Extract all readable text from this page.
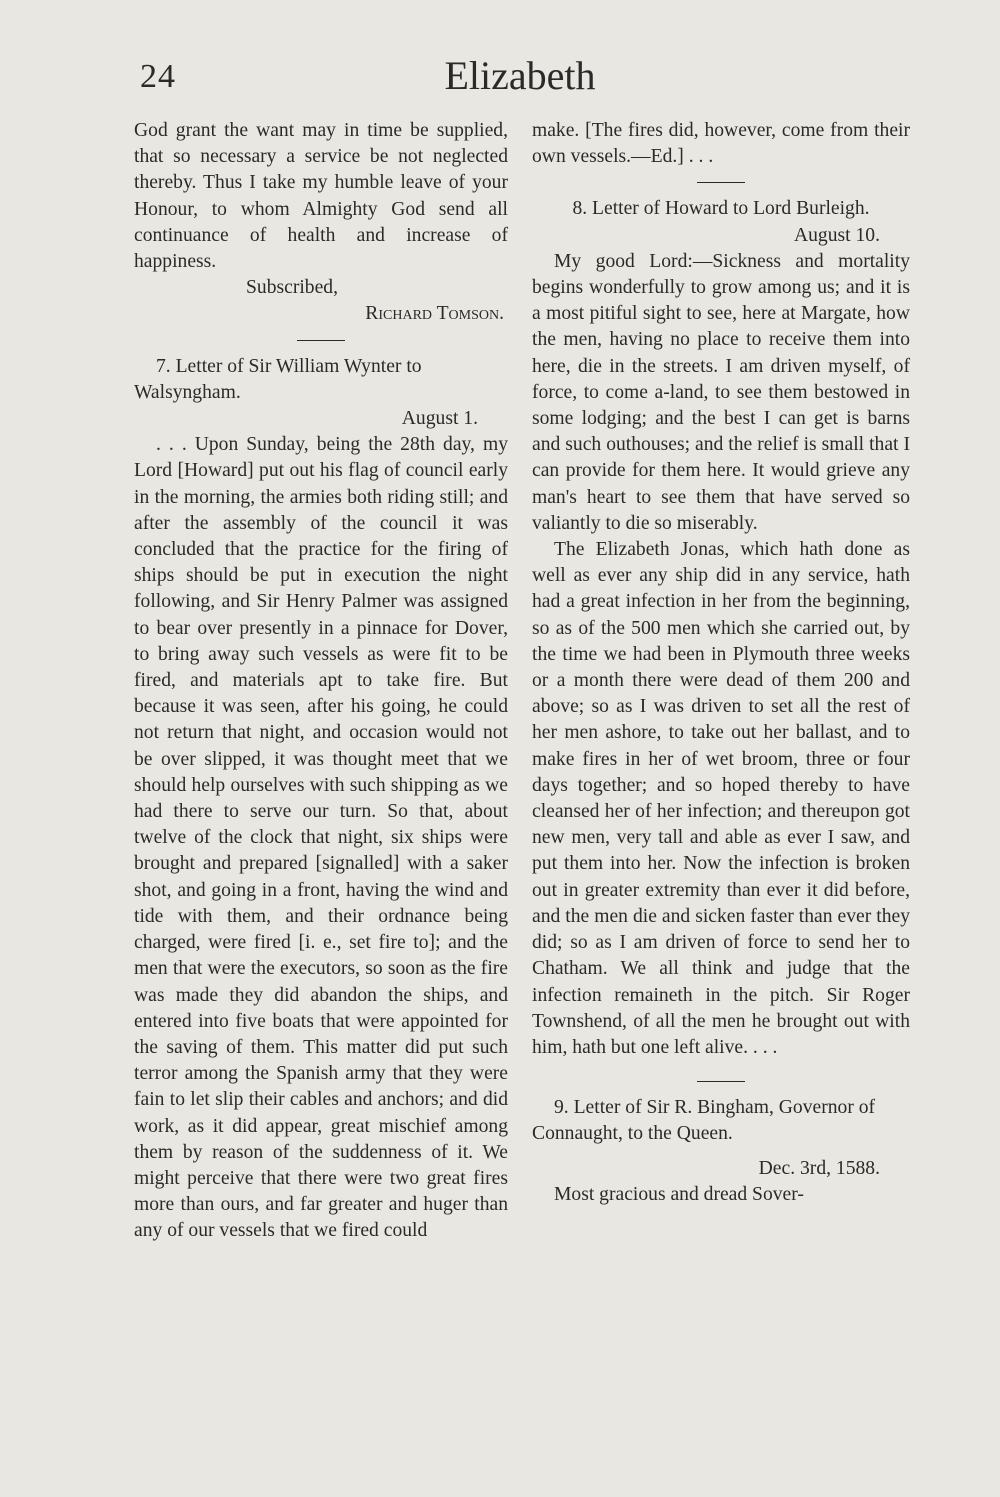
24	Elizabeth

God grant the want may in time be supplied, that so necessary a service be not neglected thereby. Thus I take my humble leave of your Honour, to whom Almighty God send all continuance of health and increase of happiness.

Subscribed,

Richard Tomson.

7. Letter of Sir William Wynter to Walsyngham.

August 1.

. . . Upon Sunday, being the 28th day, my Lord [Howard] put out his flag of council early in the morning, the armies both riding still; and after the assembly of the council it was concluded that the practice for the firing of ships should be put in execution the night following, and Sir Henry Palmer was assigned to bear over presently in a pinnace for Dover, to bring away such vessels as were fit to be fired, and materials apt to take fire. But because it was seen, after his going, he could not return that night, and occasion would not be over slipped, it was thought meet that we should help ourselves with such shipping as we had there to serve our turn. So that, about twelve of the clock that night, six ships were brought and prepared [signalled] with a saker shot, and going in a front, having the wind and tide with them, and their ordnance being charged, were fired [i. e., set fire to]; and the men that were the executors, so soon as the fire was made they did abandon the ships, and entered into five boats that were appointed for the saving of them. This matter did put such terror among the Spanish army that they were fain to let slip their cables and anchors; and did work, as it did appear, great mischief among them by reason of the suddenness of it. We might perceive that there were two great fires more than ours, and far greater and huger than any of our vessels that we fired could

make. [The fires did, however, come from their own vessels.—Ed.] . . .

8. Letter of Howard to Lord Burleigh.

August 10.

My good Lord:—Sickness and mortality begins wonderfully to grow among us; and it is a most pitiful sight to see, here at Margate, how the men, having no place to receive them into here, die in the streets. I am driven myself, of force, to come a-land, to see them bestowed in some lodging; and the best I can get is barns and such outhouses; and the relief is small that I can provide for them here. It would grieve any man's heart to see them that have served so valiantly to die so miserably.

The Elizabeth Jonas, which hath done as well as ever any ship did in any service, hath had a great infection in her from the beginning, so as of the 500 men which she carried out, by the time we had been in Plymouth three weeks or a month there were dead of them 200 and above; so as I was driven to set all the rest of her men ashore, to take out her ballast, and to make fires in her of wet broom, three or four days together; and so hoped thereby to have cleansed her of her infection; and thereupon got new men, very tall and able as ever I saw, and put them into her. Now the infection is broken out in greater extremity than ever it did before, and the men die and sicken faster than ever they did; so as I am driven of force to send her to Chatham. We all think and judge that the infection remaineth in the pitch. Sir Roger Townshend, of all the men he brought out with him, hath but one left alive. . . .

9. Letter of Sir R. Bingham, Governor of Connaught, to the Queen.

Dec. 3rd, 1588.

Most gracious and dread Sover-
